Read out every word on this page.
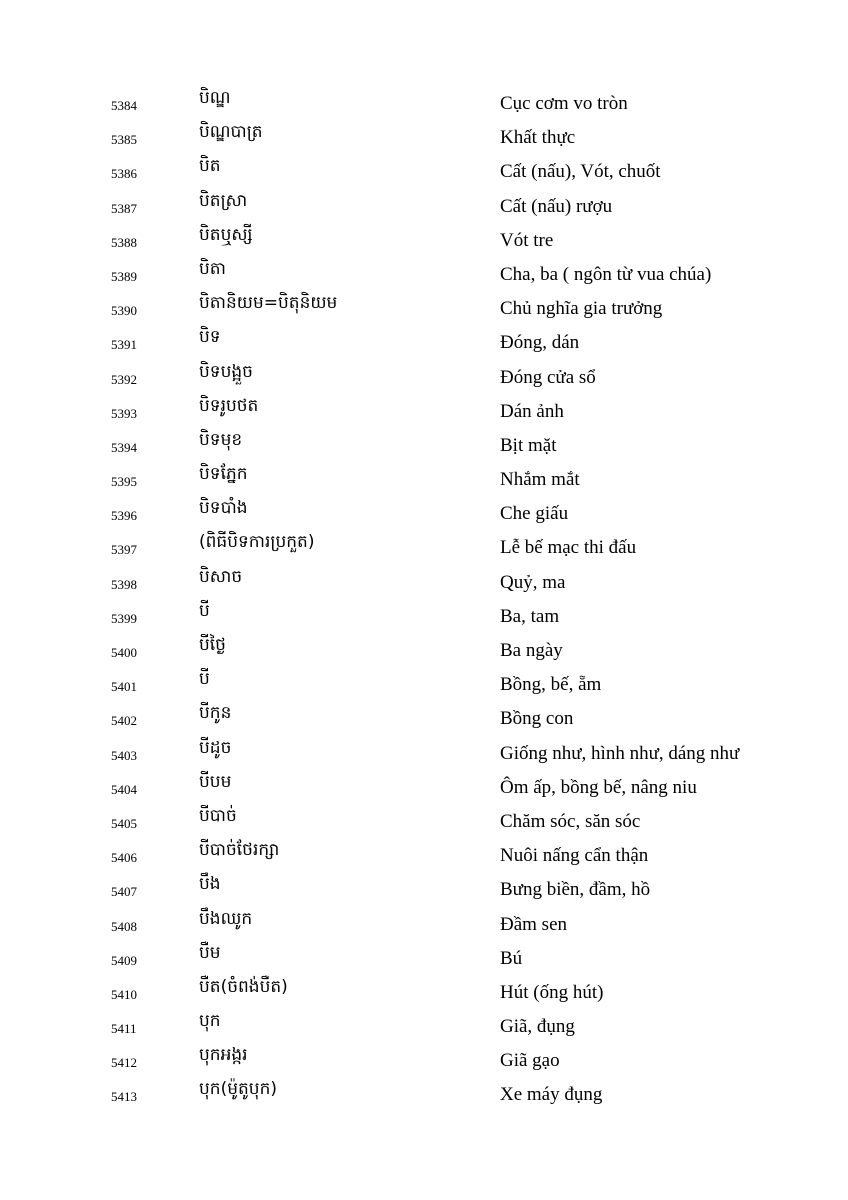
5384	បិណ្ឌ	Cục cơm vo tròn
5385	បិណ្ឌបាត្រ	Khất thực
5386	បិត	Cất (nấu), Vót, chuốt
5387	បិតស្រា	Cất (nấu) rượu
5388	បិតឬស្សី	Vót tre
5389	បិតា	Cha, ba ( ngôn từ vua chúa)
5390	បិតានិយម=បិតុនិយម	Chủ nghĩa gia trưởng
5391	បិទ	Đóng, dán
5392	បិទបង្អួច	Đóng cửa sổ
5393	បិទរូបថត	Dán ảnh
5394	បិទមុខ	Bịt mặt
5395	បិទភ្នែក	Nhắm mắt
5396	បិទបាំង	Che giấu
5397	(ពិធីបិទការប្រកួត)	Lễ bế mạc thi đấu
5398	បិសាច	Quỷ, ma
5399	បី	Ba, tam
5400	បីថ្ងៃ	Ba ngày
5401	បី	Bồng, bế, ẵm
5402	បីកូន	Bồng con
5403	បីដូច	Giống như, hình như, dáng như
5404	បីបម	Ôm ấp, bồng bế, nâng niu
5405	បីបាច់	Chăm sóc, săn sóc
5406	បីបាច់ថែរក្សា	Nuôi nấng cẩn thận
5407	បឹង	Bưng biền, đầm, hồ
5408	បឹងឈូក	Đầm sen
5409	បឺម	Bú
5410	បឺត(ចំពង់បឺត)	Hút (ống hút)
5411	បុក	Giã, đụng
5412	បុកអង្ករ	Giã gạo
5413	បុក(ម៉ូតូបុក)	Xe máy đụng
